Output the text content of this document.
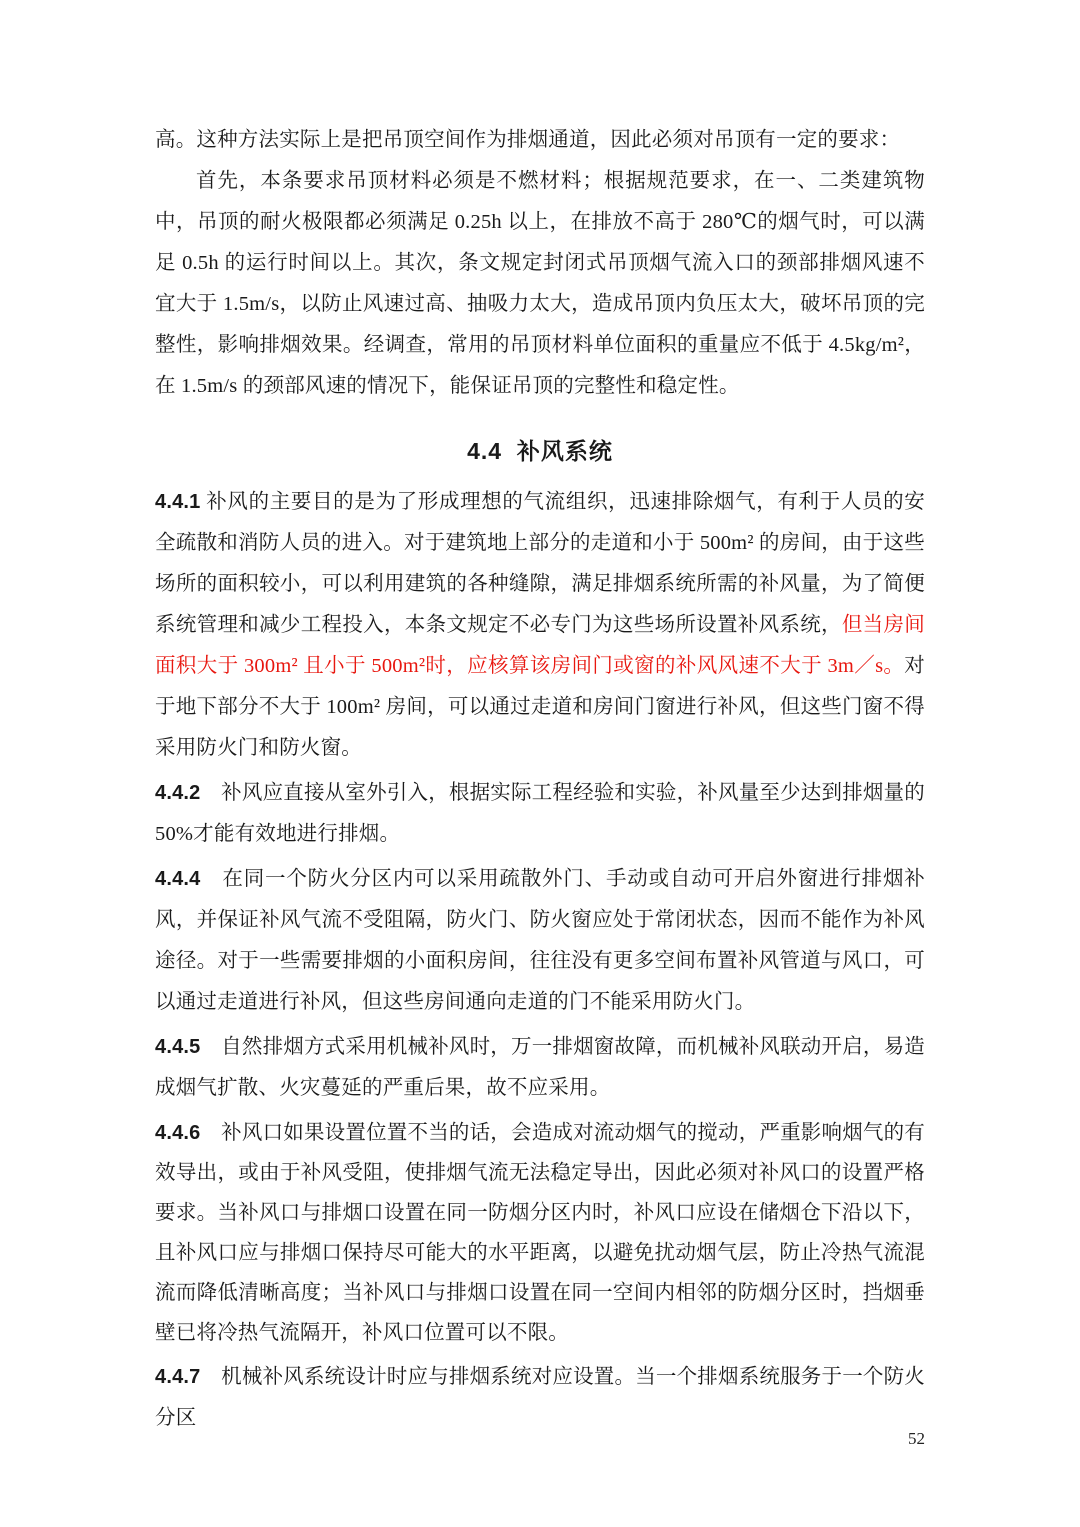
高。这种方法实际上是把吊顶空间作为排烟通道，因此必须对吊顶有一定的要求：

首先，本条要求吊顶材料必须是不燃材料；根据规范要求，在一、二类建筑物中，吊顶的耐火极限都必须满足 0.25h 以上，在排放不高于 280℃的烟气时，可以满足 0.5h 的运行时间以上。其次，条文规定封闭式吊顶烟气流入口的颈部排烟风速不宜大于 1.5m/s，以防止风速过高、抽吸力太大，造成吊顶内负压太大，破坏吊顶的完整性，影响排烟效果。经调查，常用的吊顶材料单位面积的重量应不低于 4.5kg/m²，在 1.5m/s 的颈部风速的情况下，能保证吊顶的完整性和稳定性。

4.4 补风系统

4.4.1 补风的主要目的是为了形成理想的气流组织，迅速排除烟气，有利于人员的安全疏散和消防人员的进入。对于建筑地上部分的走道和小于 500m² 的房间，由于这些场所的面积较小，可以利用建筑的各种缝隙，满足排烟系统所需的补风量，为了简便系统管理和减少工程投入，本条文规定不必专门为这些场所设置补风系统，但当房间面积大于 300m² 且小于 500m²时，应核算该房间门或窗的补风风速不大于 3m／s。对于地下部分不大于 100m² 房间，可以通过走道和房间门窗进行补风，但这些门窗不得采用防火门和防火窗。

4.4.2　补风应直接从室外引入，根据实际工程经验和实验，补风量至少达到排烟量的 50%才能有效地进行排烟。

4.4.4　在同一个防火分区内可以采用疏散外门、手动或自动可开启外窗进行排烟补风，并保证补风气流不受阻隔，防火门、防火窗应处于常闭状态，因而不能作为补风途径。对于一些需要排烟的小面积房间，往往没有更多空间布置补风管道与风口，可以通过走道进行补风，但这些房间通向走道的门不能采用防火门。

4.4.5　自然排烟方式采用机械补风时，万一排烟窗故障，而机械补风联动开启，易造成烟气扩散、火灾蔓延的严重后果，故不应采用。

4.4.6　补风口如果设置位置不当的话，会造成对流动烟气的搅动，严重影响烟气的有效导出，或由于补风受阻，使排烟气流无法稳定导出，因此必须对补风口的设置严格要求。当补风口与排烟口设置在同一防烟分区内时，补风口应设在储烟仓下沿以下，且补风口应与排烟口保持尽可能大的水平距离，以避免扰动烟气层，防止冷热气流混流而降低清晰高度；当补风口与排烟口设置在同一空间内相邻的防烟分区时，挡烟垂壁已将冷热气流隔开，补风口位置可以不限。

4.4.7　机械补风系统设计时应与排烟系统对应设置。当一个排烟系统服务于一个防火分区

52
